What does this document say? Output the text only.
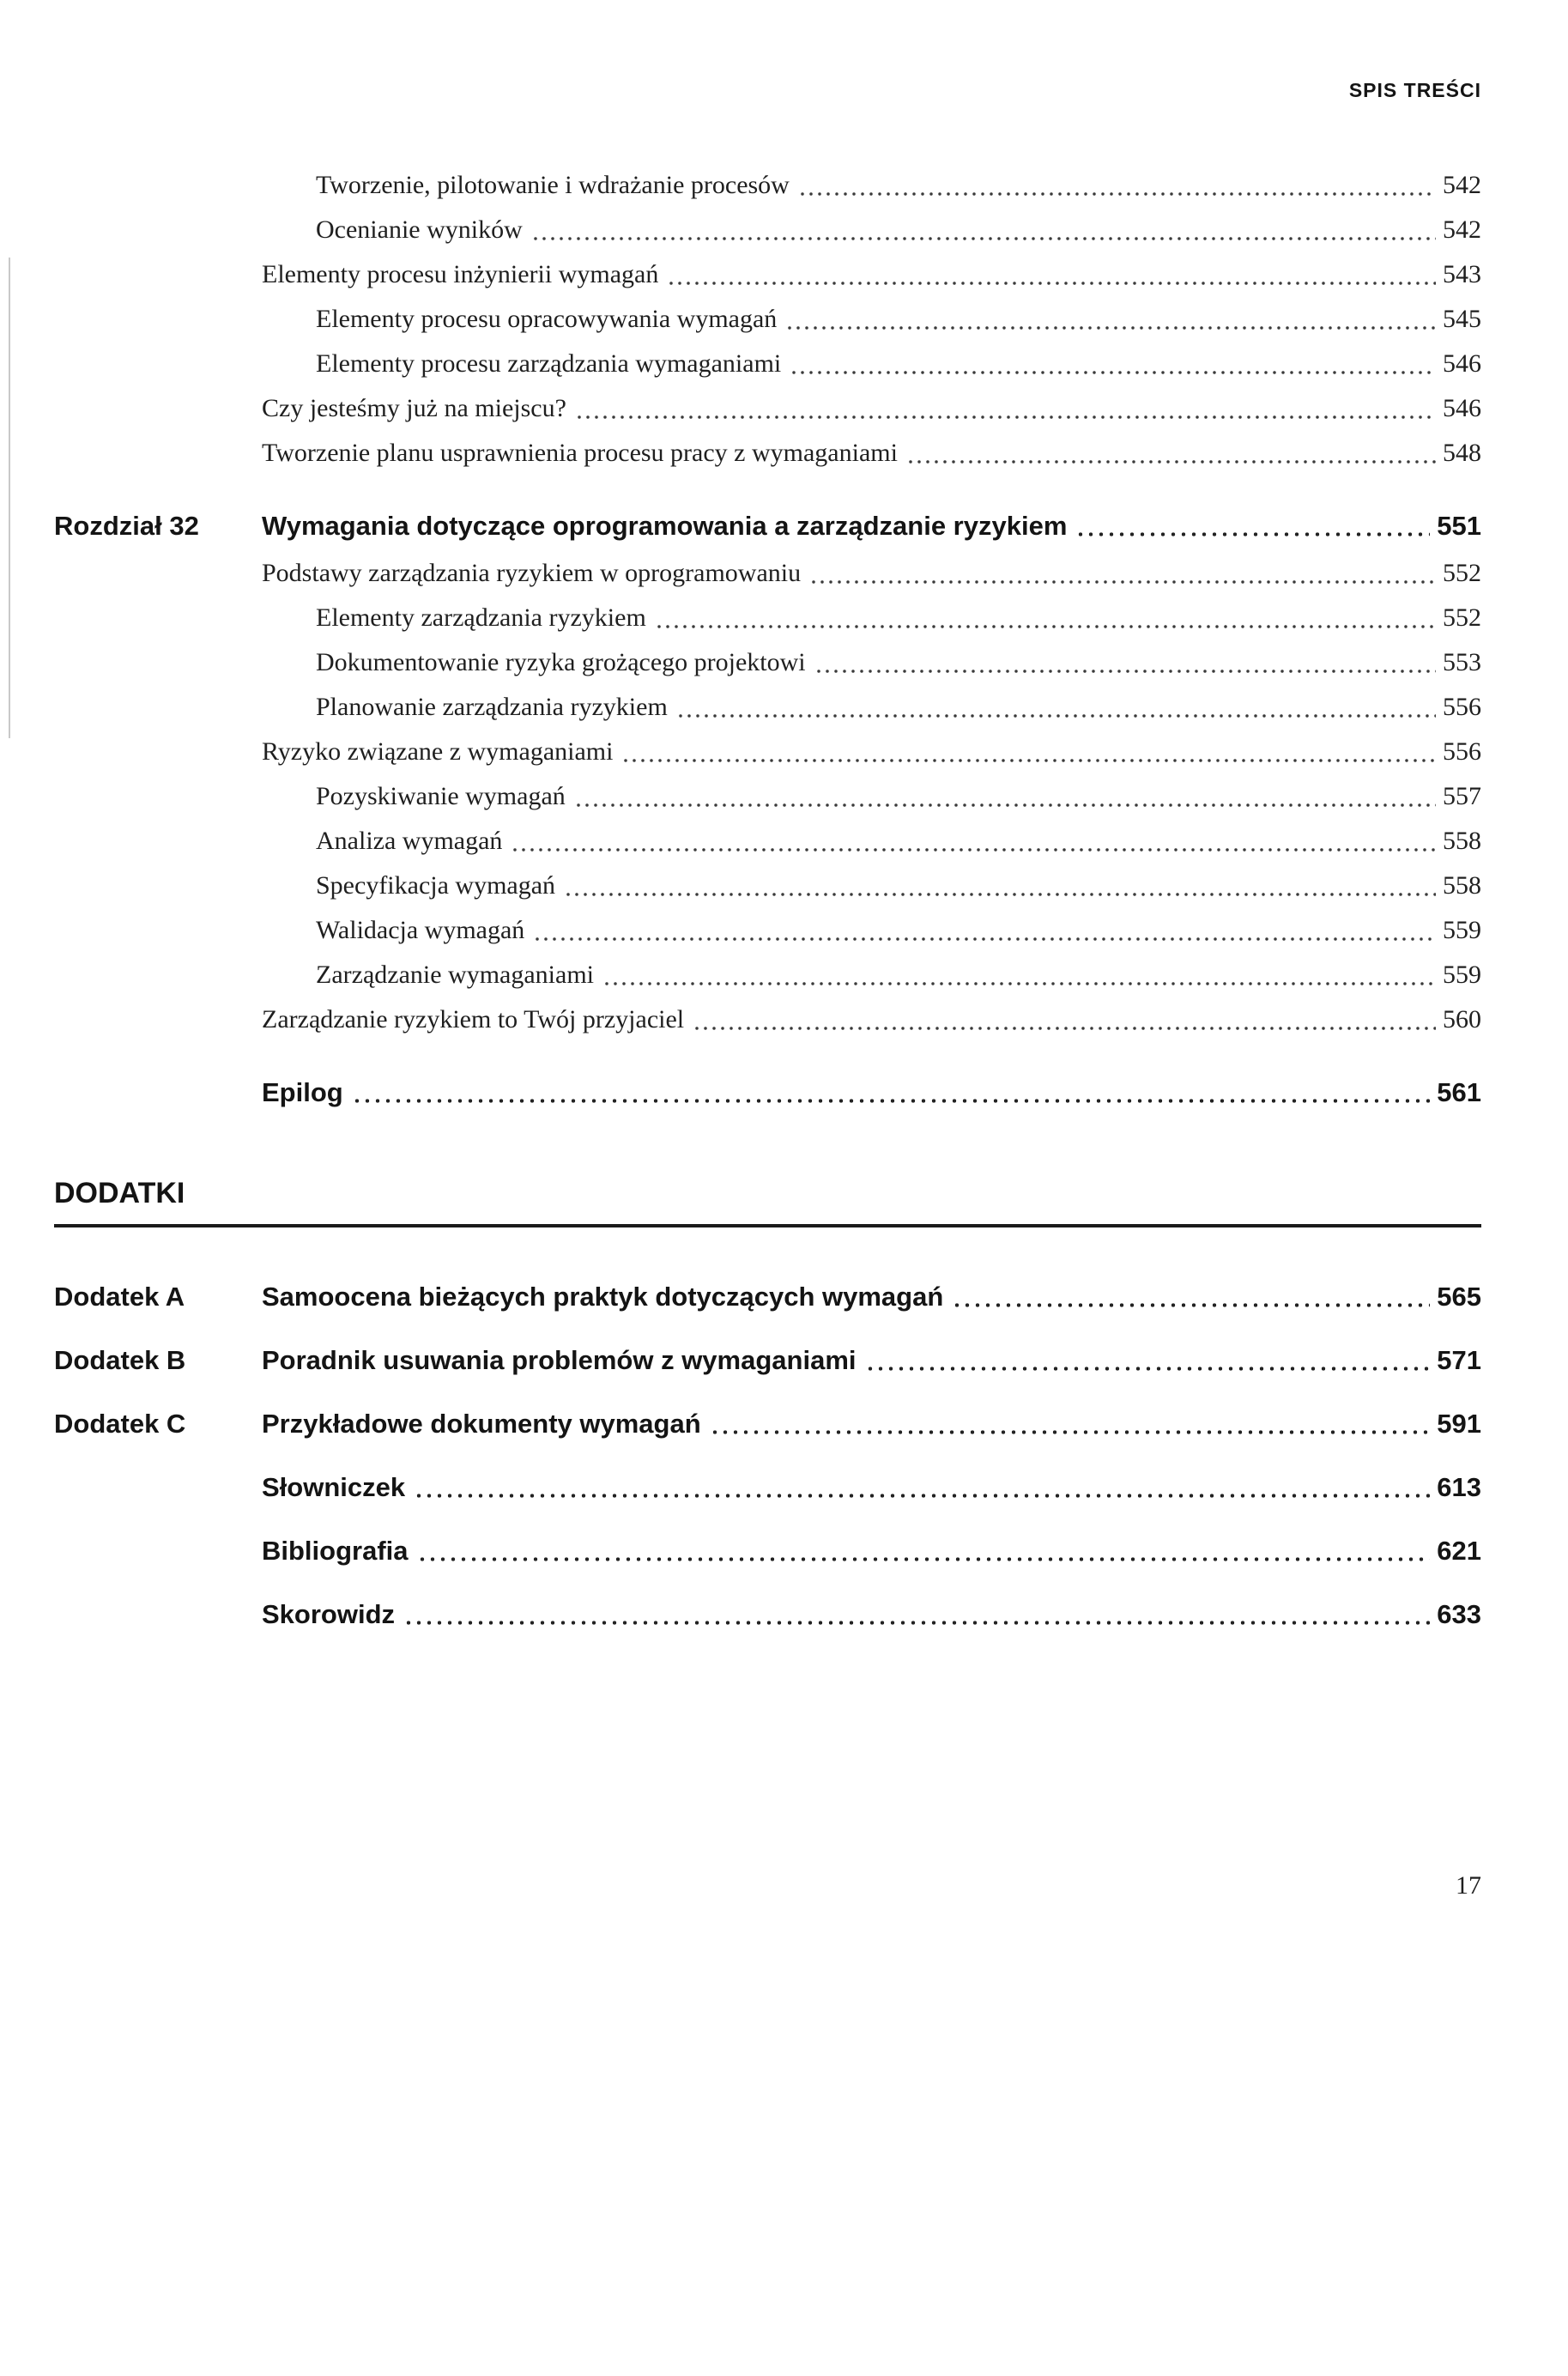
SPIS TREŚCI
Tworzenie, pilotowanie i wdrażanie procesów	542
Ocenianie wyników	542
Elementy procesu inżynierii wymagań	543
Elementy procesu opracowywania wymagań	545
Elementy procesu zarządzania wymaganiami	546
Czy jesteśmy już na miejscu?	546
Tworzenie planu usprawnienia procesu pracy z wymaganiami	548
Rozdział 32	Wymagania dotyczące oprogramowania a zarządzanie ryzykiem	551
Podstawy zarządzania ryzykiem w oprogramowaniu	552
Elementy zarządzania ryzykiem	552
Dokumentowanie ryzyka grożącego projektowi	553
Planowanie zarządzania ryzykiem	556
Ryzyko związane z wymaganiami	556
Pozyskiwanie wymagań	557
Analiza wymagań	558
Specyfikacja wymagań	558
Walidacja wymagań	559
Zarządzanie wymaganiami	559
Zarządzanie ryzykiem to Twój przyjaciel	560
Epilog	561
DODATKI
Dodatek A	Samoocena bieżących praktyk dotyczących wymagań	565
Dodatek B	Poradnik usuwania problemów z wymaganiami	571
Dodatek C	Przykładowe dokumenty wymagań	591
Słowniczek	613
Bibliografia	621
Skorowidz	633
17
